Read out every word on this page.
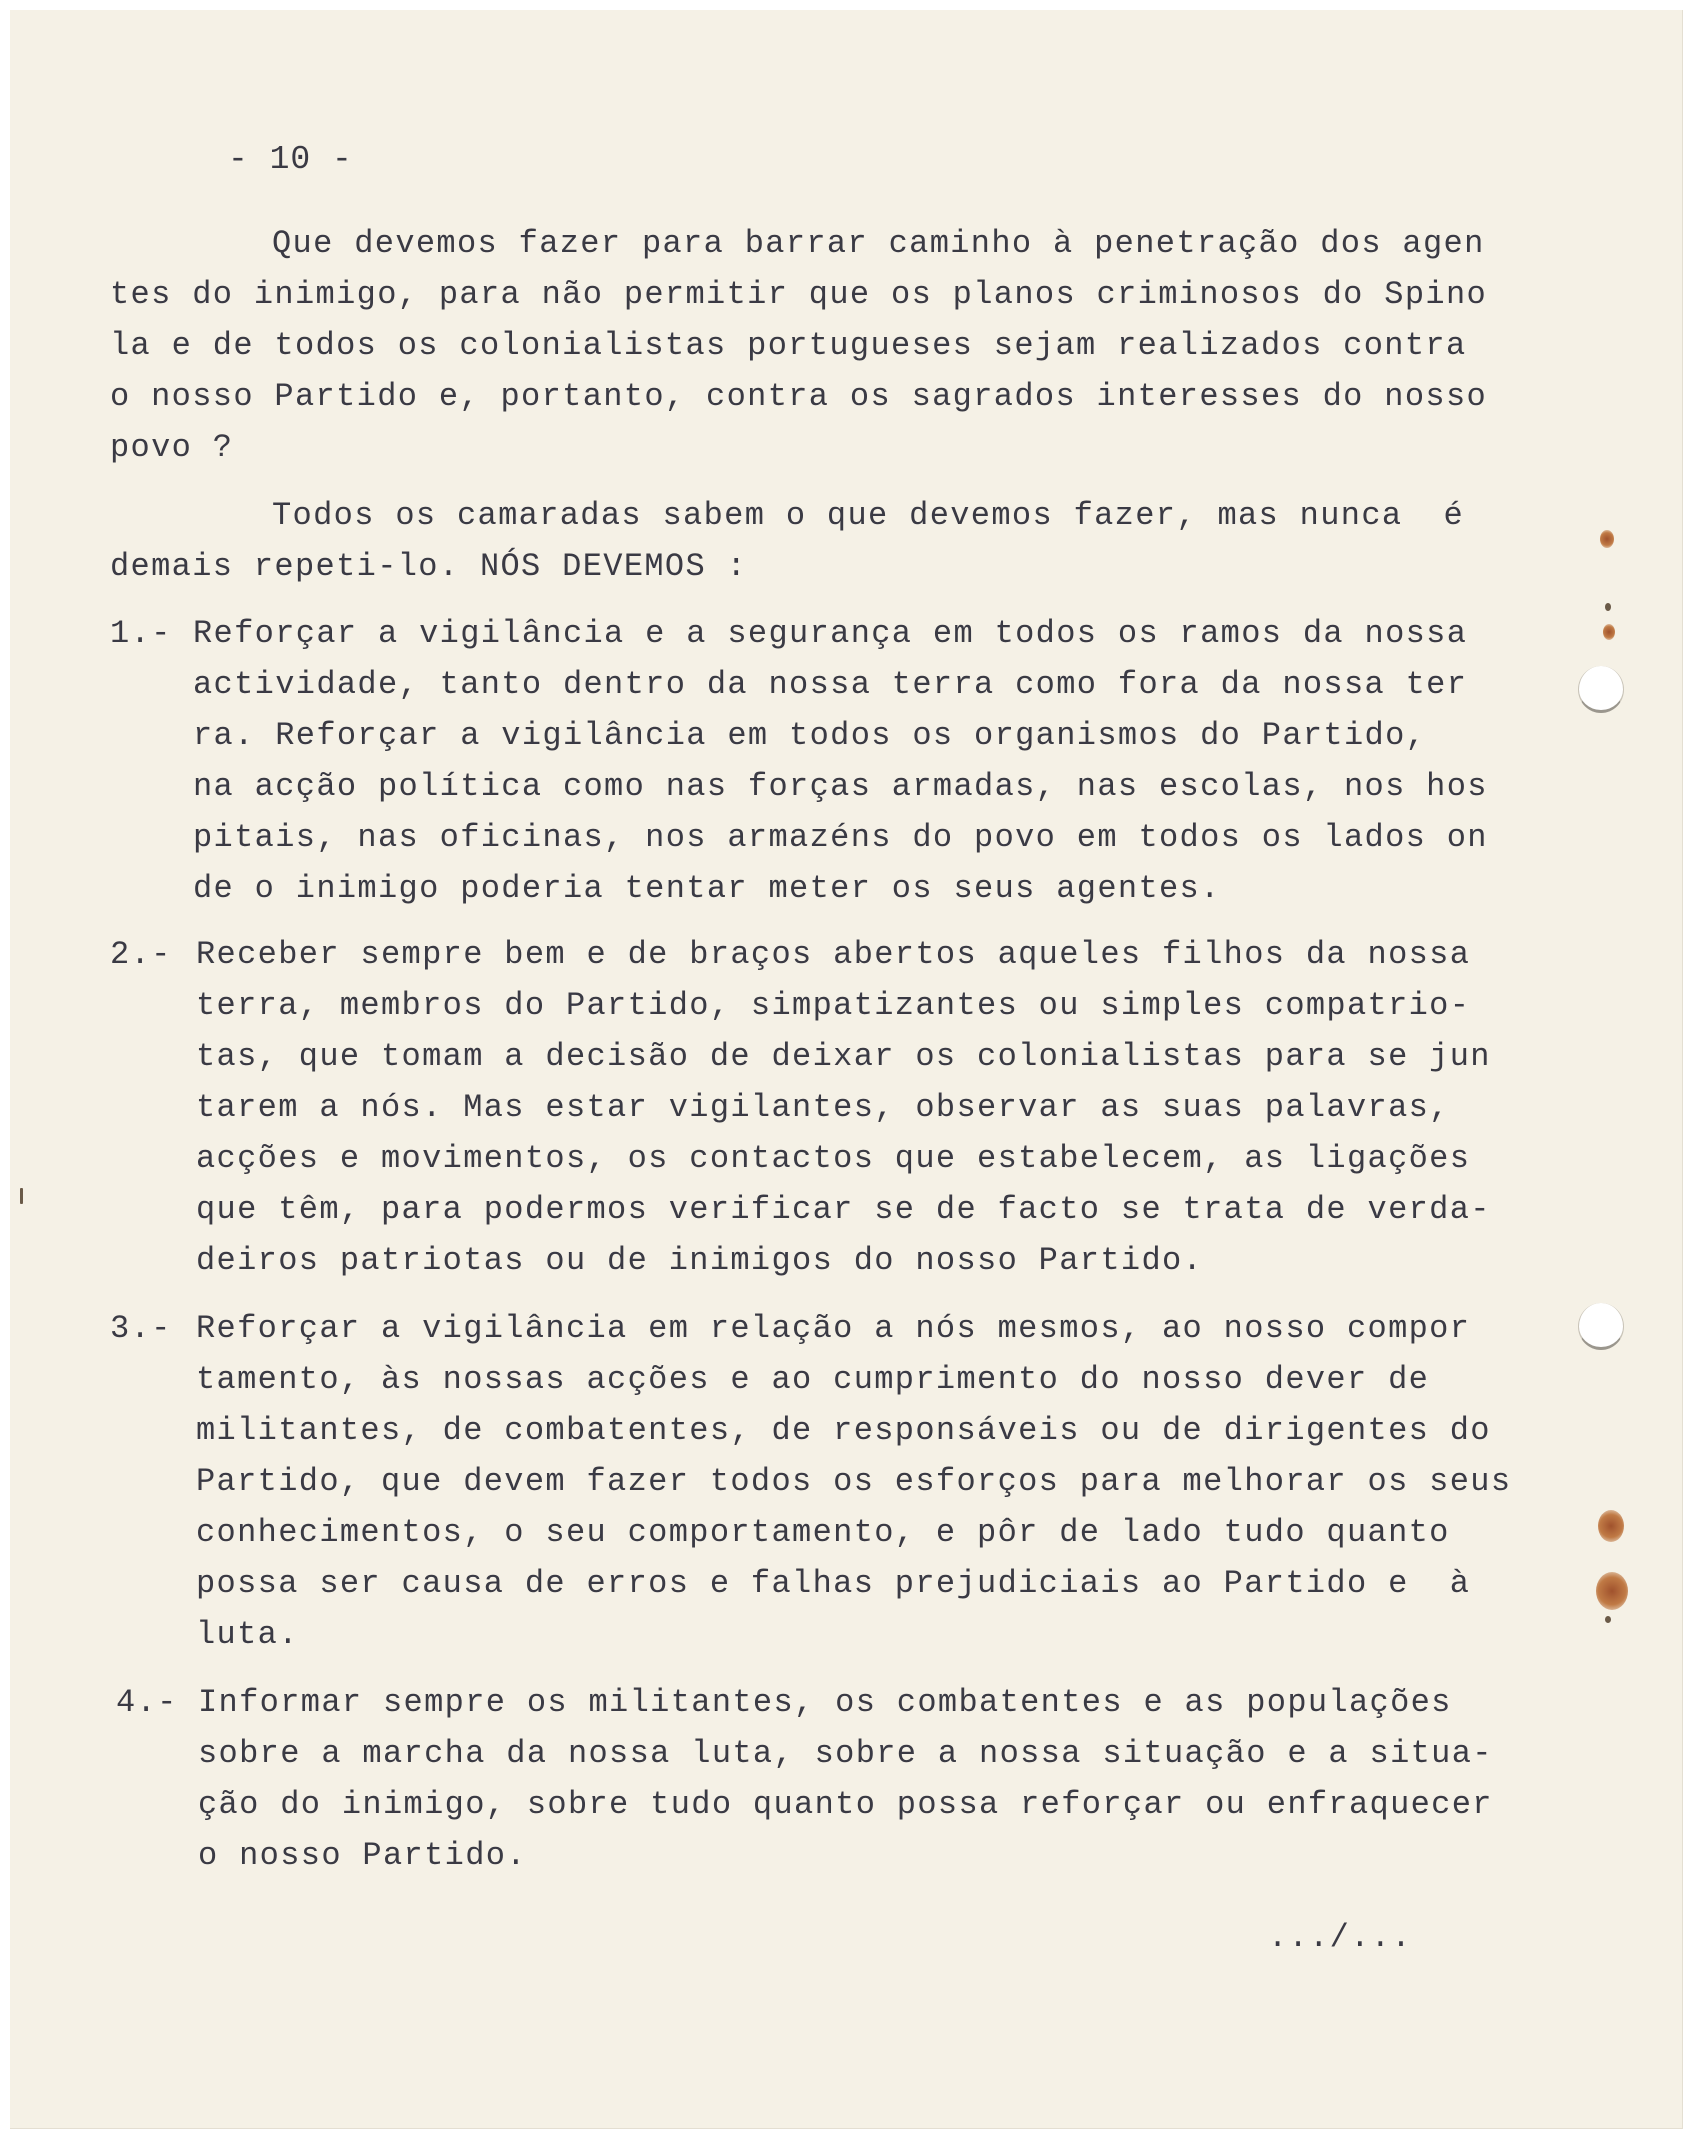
- 10 -
Que devemos fazer para barrar caminho à penetração dos agen
tes do inimigo, para não permitir que os planos criminosos do Spino
la e de todos os colonialistas portugueses sejam realizados contra
o nosso Partido e, portanto, contra os sagrados interesses do nosso
povo ?
Todos os camaradas sabem o que devemos fazer, mas nunca  é
demais repeti-lo. NÓS DEVEMOS :
1.- Reforçar a vigilância e a segurança em todos os ramos da nossa
actividade, tanto dentro da nossa terra como fora da nossa ter
ra. Reforçar a vigilância em todos os organismos do Partido,
na acção política como nas forças armadas, nas escolas, nos hos
pitais, nas oficinas, nos armazéns do povo em todos os lados on
de o inimigo poderia tentar meter os seus agentes.
2.- Receber sempre bem e de braços abertos aqueles filhos da nossa
terra, membros do Partido, simpatizantes ou simples compatrio-
tas, que tomam a decisão de deixar os colonialistas para se jun
tarem a nós. Mas estar vigilantes, observar as suas palavras,
acções e movimentos, os contactos que estabelecem, as ligações
que têm, para podermos verificar se de facto se trata de verda-
deiros patriotas ou de inimigos do nosso Partido.
3.- Reforçar a vigilância em relação a nós mesmos, ao nosso compor
tamento, às nossas acções e ao cumprimento do nosso dever de
militantes, de combatentes, de responsáveis ou de dirigentes do
Partido, que devem fazer todos os esforços para melhorar os seus
conhecimentos, o seu comportamento, e pôr de lado tudo quanto
possa ser causa de erros e falhas prejudiciais ao Partido e  à
luta.
4.- Informar sempre os militantes, os combatentes e as populações
sobre a marcha da nossa luta, sobre a nossa situação e a situa-
ção do inimigo, sobre tudo quanto possa reforçar ou enfraquecer
o nosso Partido.
.../...
